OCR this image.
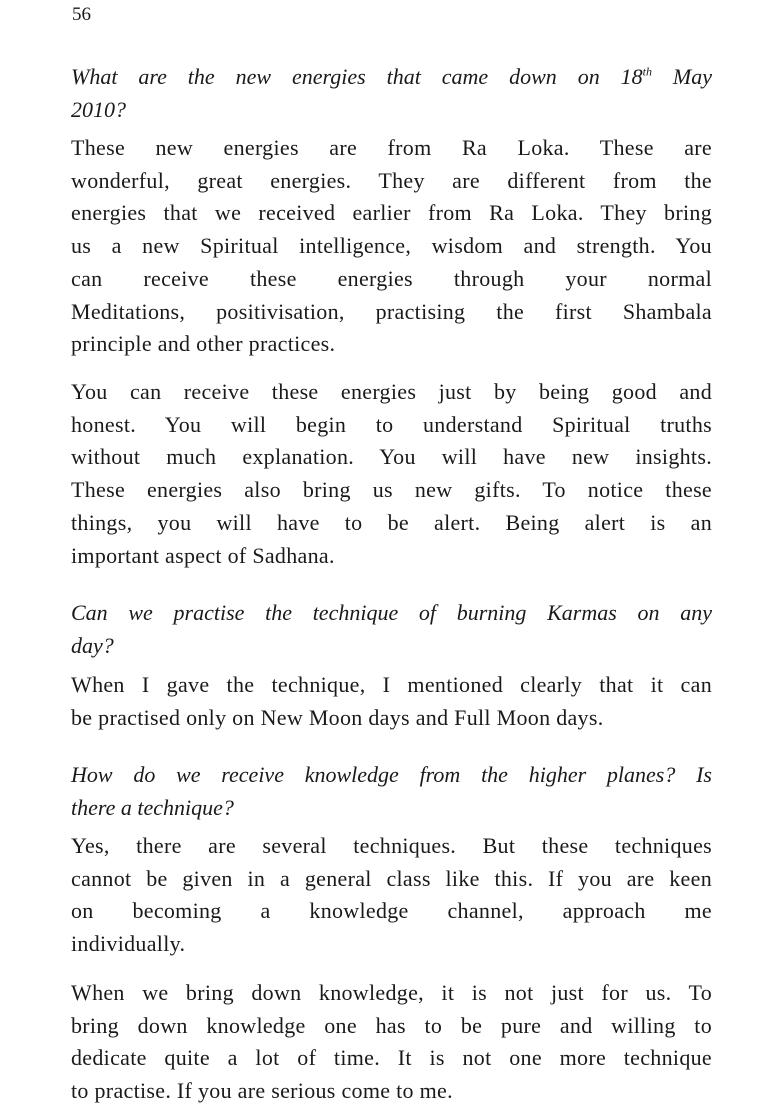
56
What are the new energies that came down on 18th May
2010?
These new energies are from Ra Loka. These are
wonderful, great energies. They are different from the
energies that we received earlier from Ra Loka. They bring
us a new Spiritual intelligence, wisdom and strength. You
can receive these energies through your normal
Meditations, positivisation, practising the first Shambala
principle and other practices.
You can receive these energies just by being good and
honest. You will begin to understand Spiritual truths
without much explanation. You will have new insights.
These energies also bring us new gifts. To notice these
things, you will have to be alert. Being alert is an
important aspect of Sadhana.
Can we practise the technique of burning Karmas on any
day?
When I gave the technique, I mentioned clearly that it can
be practised only on New Moon days and Full Moon days.
How do we receive knowledge from the higher planes? Is
there a technique?
Yes, there are several techniques. But these techniques
cannot be given in a general class like this. If you are keen
on becoming a knowledge channel, approach me
individually.
When we bring down knowledge, it is not just for us. To
bring down knowledge one has to be pure and willing to
dedicate quite a lot of time. It is not one more technique
to practise. If you are serious come to me.
